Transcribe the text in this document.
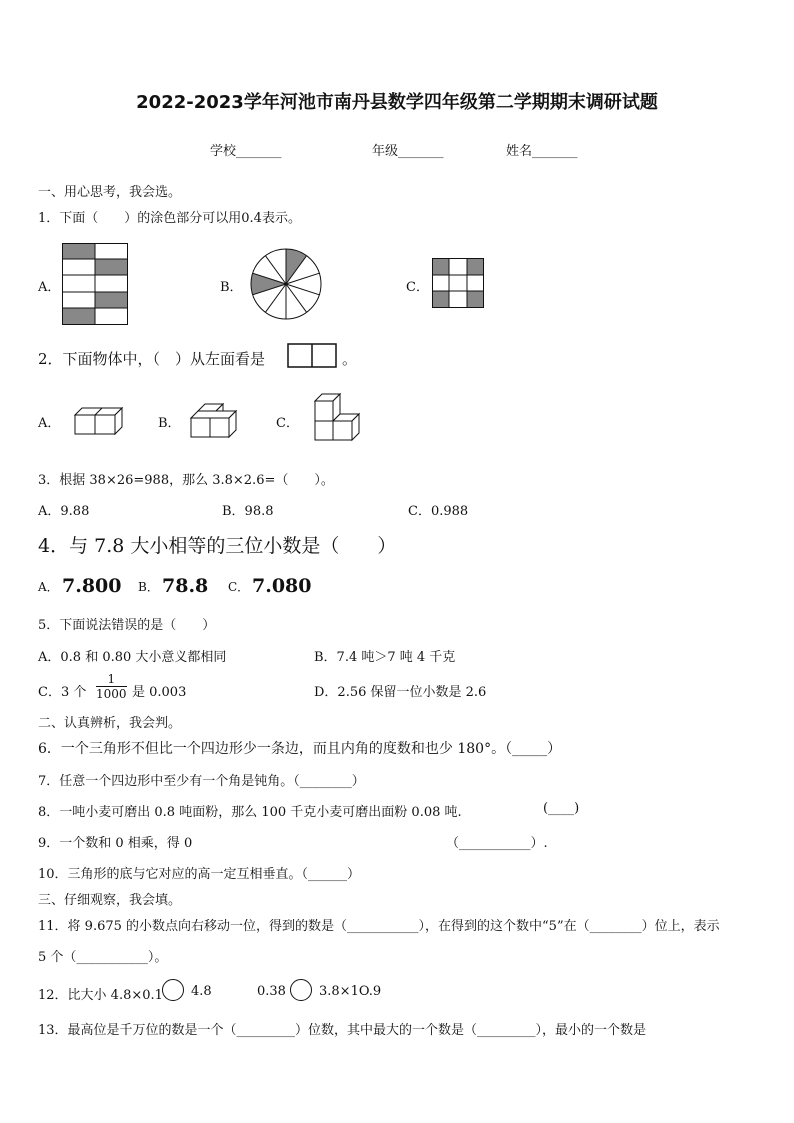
2022-2023学年河池市南丹县数学四年级第二学期期末调研试题
学校_______	年级_______	姓名_______
一、用心思考，我会选。
1．下面（　　）的涂色部分可以用0.4表示。
A．	B．	C．
2．下面物体中，（　）从左面看是	。
A．	B．	C．
3．根据 38×26=988，那么 3.8×2.6=（　　）。
A．9.88	B．98.8	C．0.988
4．与 7.8 大小相等的三位小数是（　　）
A． 7.800 B． 78.8 C． 7.080
5．下面说法错误的是（　　）
A．0.8 和 0.80 大小意义都相同	B．7.4 吨＞7 吨 4 千克
C．3 个 $\frac{1}{1000}$ 是 0.003	D．2.56 保留一位小数是 2.6
二、认真辨析，我会判。
6．一个三角形不但比一个四边形少一条边，而且内角的度数和也少 180°。（_____）
7．任意一个四边形中至少有一个角是钝角。（________）
8．一吨小麦可磨出 0.8 吨面粉，那么 100 千克小麦可磨出面粉 0.08 吨.	(____)
9．一个数和 0 相乘，得 0	（___________）.
10．三角形的底与它对应的高一定互相垂直。（______）
三、仔细观察，我会填。
11．将 9.675 的小数点向右移动一位，得到的数是（___________），在得到的这个数中“5”在（________）位上，表示
5 个（___________）。
12．比大小 4.8×0.1 4.8	0.38	3.8×1O.9
13．最高位是千万位的数是一个（_________）位数，其中最大的一个数是（_________），最小的一个数是
